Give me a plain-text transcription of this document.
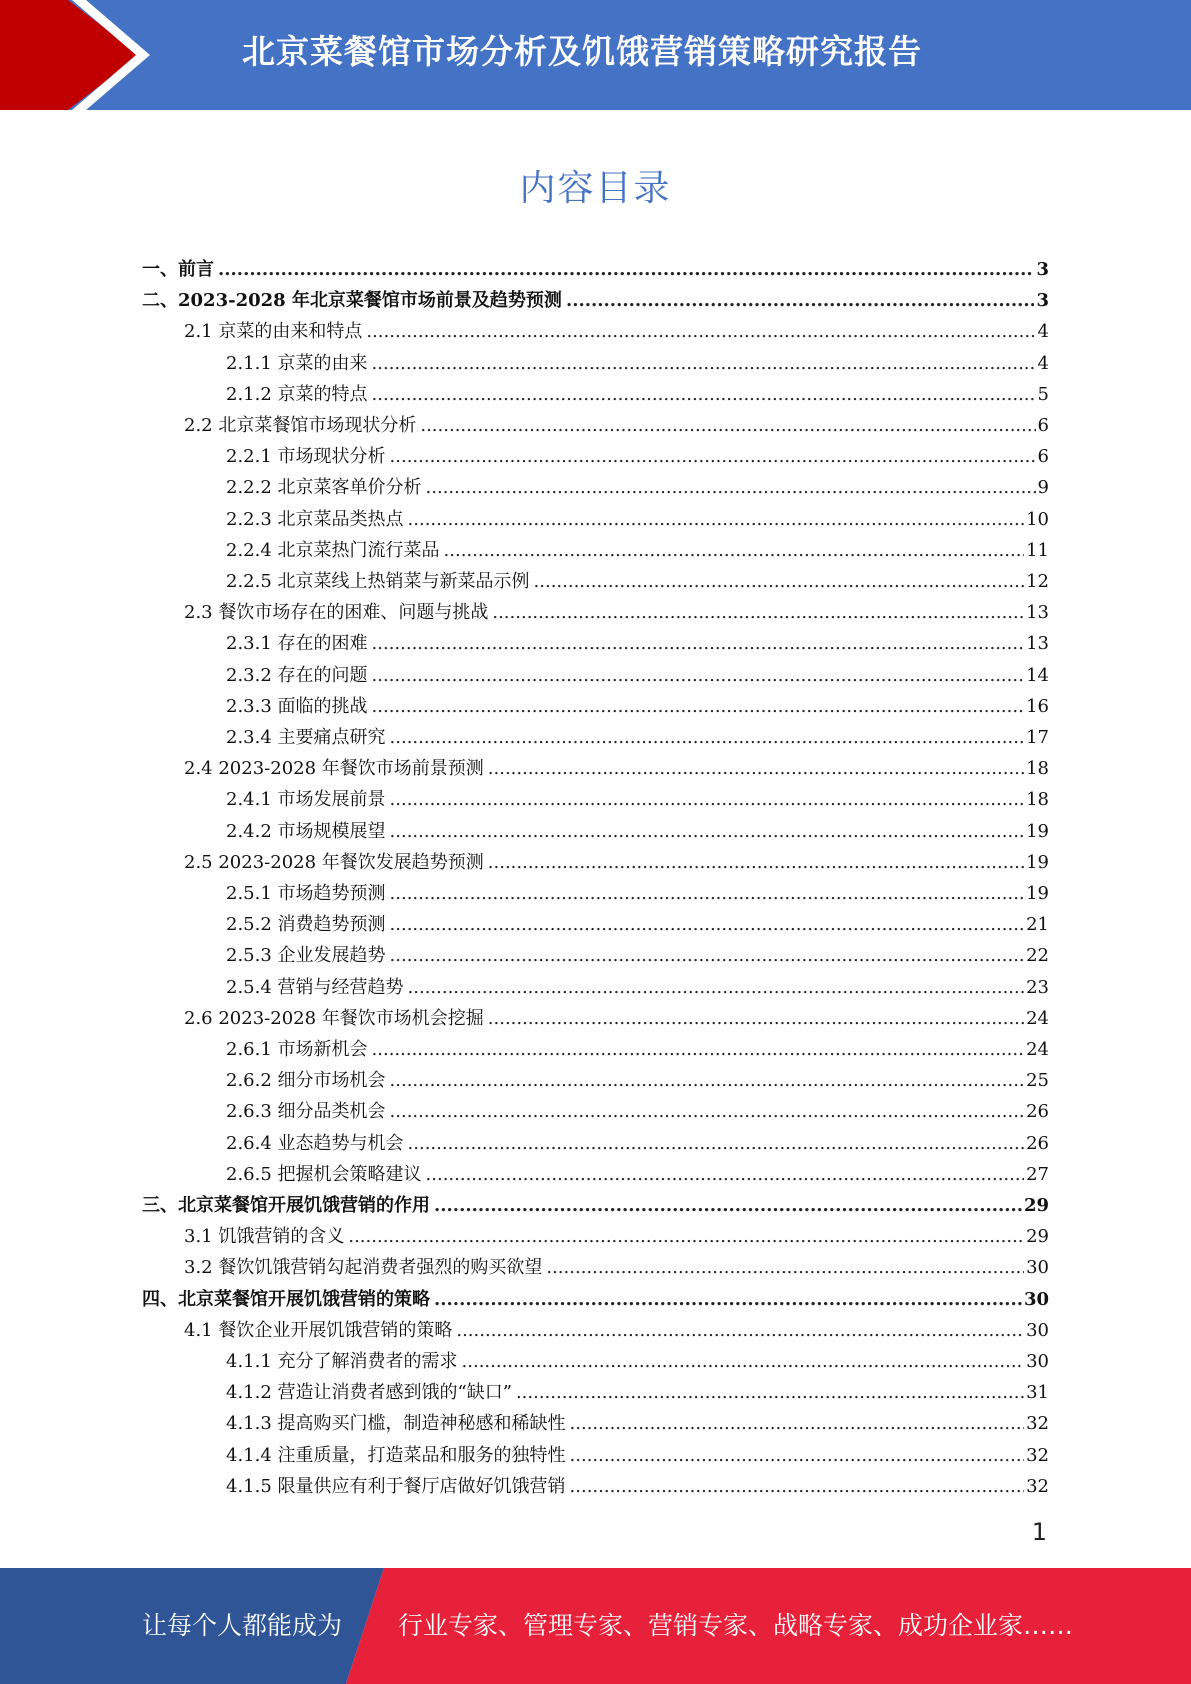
北京菜餐馆市场分析及饥饿营销策略研究报告
内容目录
一、前言 .....	3
二、2023-2028 年北京菜餐馆市场前景及趋势预测 .....	3
2.1 京菜的由来和特点 .....	4
2.1.1 京菜的由来 .....	4
2.1.2 京菜的特点 .....	5
2.2 北京菜餐馆市场现状分析 .....	6
2.2.1 市场现状分析 .....	6
2.2.2 北京菜客单价分析 .....	9
2.2.3 北京菜品类热点 .....	10
2.2.4 北京菜热门流行菜品 .....	11
2.2.5 北京菜线上热销菜与新菜品示例 .....	12
2.3 餐饮市场存在的困难、问题与挑战 .....	13
2.3.1 存在的困难 .....	13
2.3.2 存在的问题 .....	14
2.3.3 面临的挑战 .....	16
2.3.4 主要痛点研究 .....	17
2.4 2023-2028 年餐饮市场前景预测 .....	18
2.4.1 市场发展前景 .....	18
2.4.2 市场规模展望 .....	19
2.5 2023-2028 年餐饮发展趋势预测 .....	19
2.5.1 市场趋势预测 .....	19
2.5.2 消费趋势预测 .....	21
2.5.3 企业发展趋势 .....	22
2.5.4 营销与经营趋势 .....	23
2.6 2023-2028 年餐饮市场机会挖掘 .....	24
2.6.1 市场新机会 .....	24
2.6.2 细分市场机会 .....	25
2.6.3 细分品类机会 .....	26
2.6.4 业态趋势与机会 .....	26
2.6.5 把握机会策略建议 .....	27
三、北京菜餐馆开展饥饿营销的作用 .....	29
3.1 饥饿营销的含义 .....	29
3.2 餐饮饥饿营销勾起消费者强烈的购买欲望 .....	30
四、北京菜餐馆开展饥饿营销的策略 .....	30
4.1 餐饮企业开展饥饿营销的策略 .....	30
4.1.1 充分了解消费者的需求 .....	30
4.1.2 营造让消费者感到饿的“缺口” .....	31
4.1.3 提高购买门槛，制造神秘感和稀缺性 .....	32
4.1.4 注重质量，打造菜品和服务的独特性 .....	32
4.1.5 限量供应有利于餐厅店做好饥饿营销 .....	32
1
让每个人都能成为 行业专家、管理专家、营销专家、战略专家、成功企业家……
